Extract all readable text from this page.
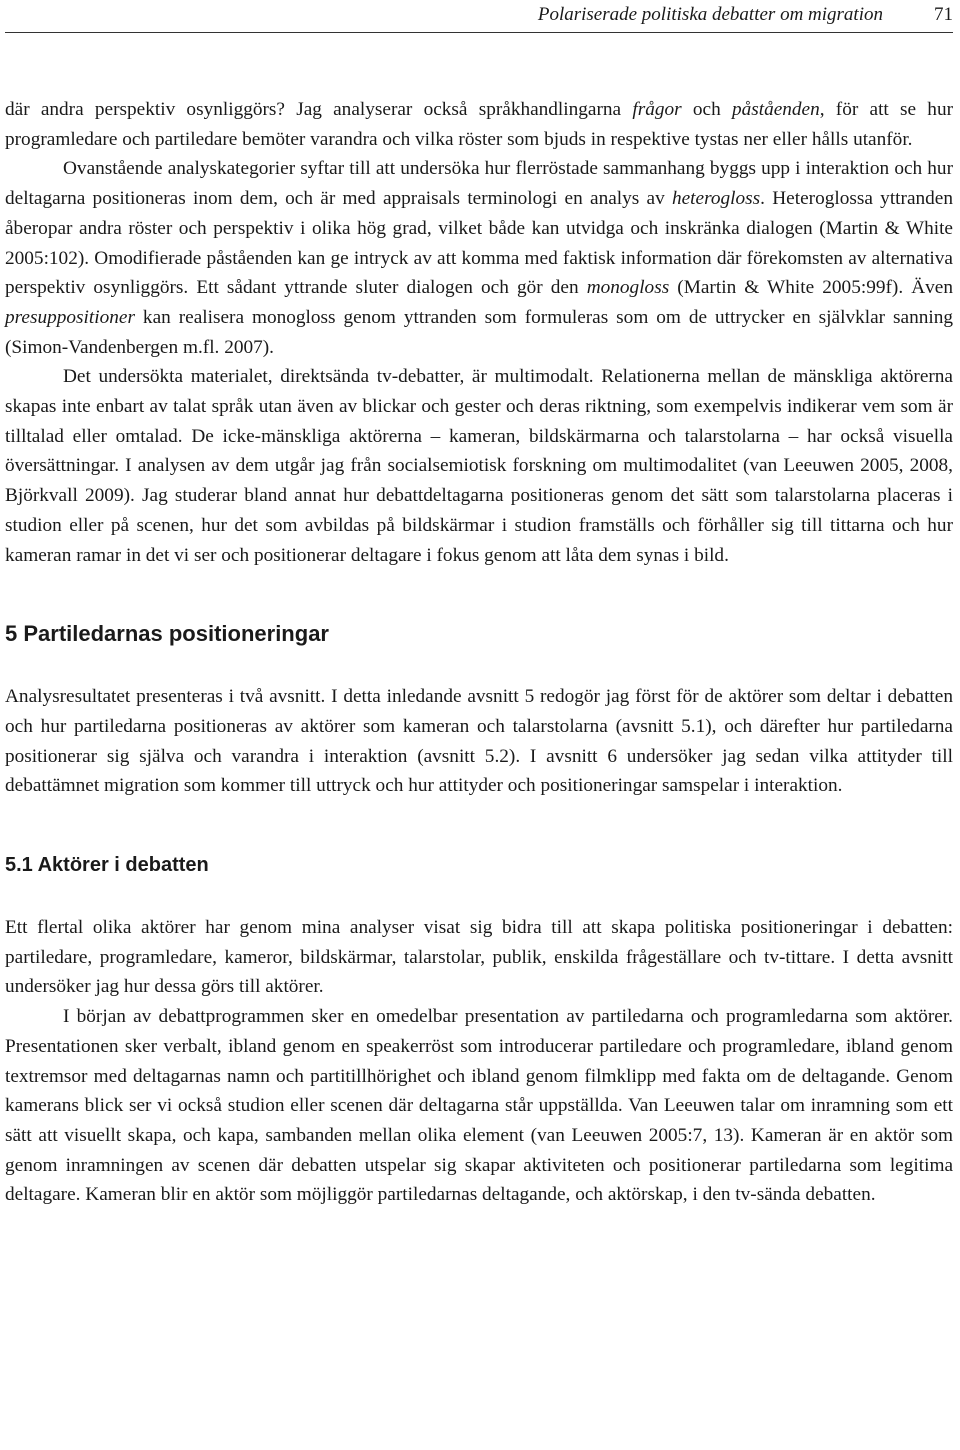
Polariserade politiska debatter om migration	71

där andra perspektiv osynliggörs? Jag analyserar också språkhandlingarna frågor och påståenden, för att se hur programledare och partiledare bemöter varandra och vilka röster som bjuds in respektive tystas ner eller hålls utanför.

Ovanstående analyskategorier syftar till att undersöka hur flerröstade sammanhang byggs upp i interaktion och hur deltagarna positioneras inom dem, och är med appraisals terminologi en analys av heterogloss. Heteroglossa yttranden åberopar andra röster och perspektiv i olika hög grad, vilket både kan utvidga och inskränka dialogen (Martin & White 2005:102). Omodifierade påståenden kan ge intryck av att komma med faktisk information där förekomsten av alternativa perspektiv osynliggörs. Ett sådant yttrande sluter dialogen och gör den monogloss (Martin & White 2005:99f). Även presuppositioner kan realisera monogloss genom yttranden som formuleras som om de uttrycker en självklar sanning (Simon-Vandenbergen m.fl. 2007).

Det undersökta materialet, direktsända tv-debatter, är multimodalt. Relationerna mellan de mänskliga aktörerna skapas inte enbart av talat språk utan även av blickar och gester och deras riktning, som exempelvis indikerar vem som är tilltalad eller omtalad. De icke-mänskliga aktörerna – kameran, bildskärmarna och talarstolarna – har också visuella översättningar. I analysen av dem utgår jag från socialsemiotisk forskning om multimodalitet (van Leeuwen 2005, 2008, Björkvall 2009). Jag studerar bland annat hur debattdeltagarna positioneras genom det sätt som talarstolarna placeras i studion eller på scenen, hur det som avbildas på bildskärmar i studion framställs och förhåller sig till tittarna och hur kameran ramar in det vi ser och positionerar deltagare i fokus genom att låta dem synas i bild.

5 Partiledarnas positioneringar

Analysresultatet presenteras i två avsnitt. I detta inledande avsnitt 5 redogör jag först för de aktörer som deltar i debatten och hur partiledarna positioneras av aktörer som kameran och talarstolarna (avsnitt 5.1), och därefter hur partiledarna positionerar sig själva och varandra i interaktion (avsnitt 5.2). I avsnitt 6 undersöker jag sedan vilka attityder till debattämnet migration som kommer till uttryck och hur attityder och positioneringar samspelar i interaktion.

5.1 Aktörer i debatten

Ett flertal olika aktörer har genom mina analyser visat sig bidra till att skapa politiska positioneringar i debatten: partiledare, programledare, kameror, bildskärmar, talarstolar, publik, enskilda frågeställare och tv-tittare. I detta avsnitt undersöker jag hur dessa görs till aktörer.

I början av debattprogrammen sker en omedelbar presentation av partiledarna och programledarna som aktörer. Presentationen sker verbalt, ibland genom en speakerröst som introducerar partiledare och programledare, ibland genom textremsor med deltagarnas namn och partitillhörighet och ibland genom filmklipp med fakta om de deltagande. Genom kamerans blick ser vi också studion eller scenen där deltagarna står uppställda. Van Leeuwen talar om inramning som ett sätt att visuellt skapa, och kapa, sambanden mellan olika element (van Leeuwen 2005:7, 13). Kameran är en aktör som genom inramningen av scenen där debatten utspelar sig skapar aktiviteten och positionerar partiledarna som legitima deltagare. Kameran blir en aktör som möjliggör partiledarnas deltagande, och aktörskap, i den tv-sända debatten.
